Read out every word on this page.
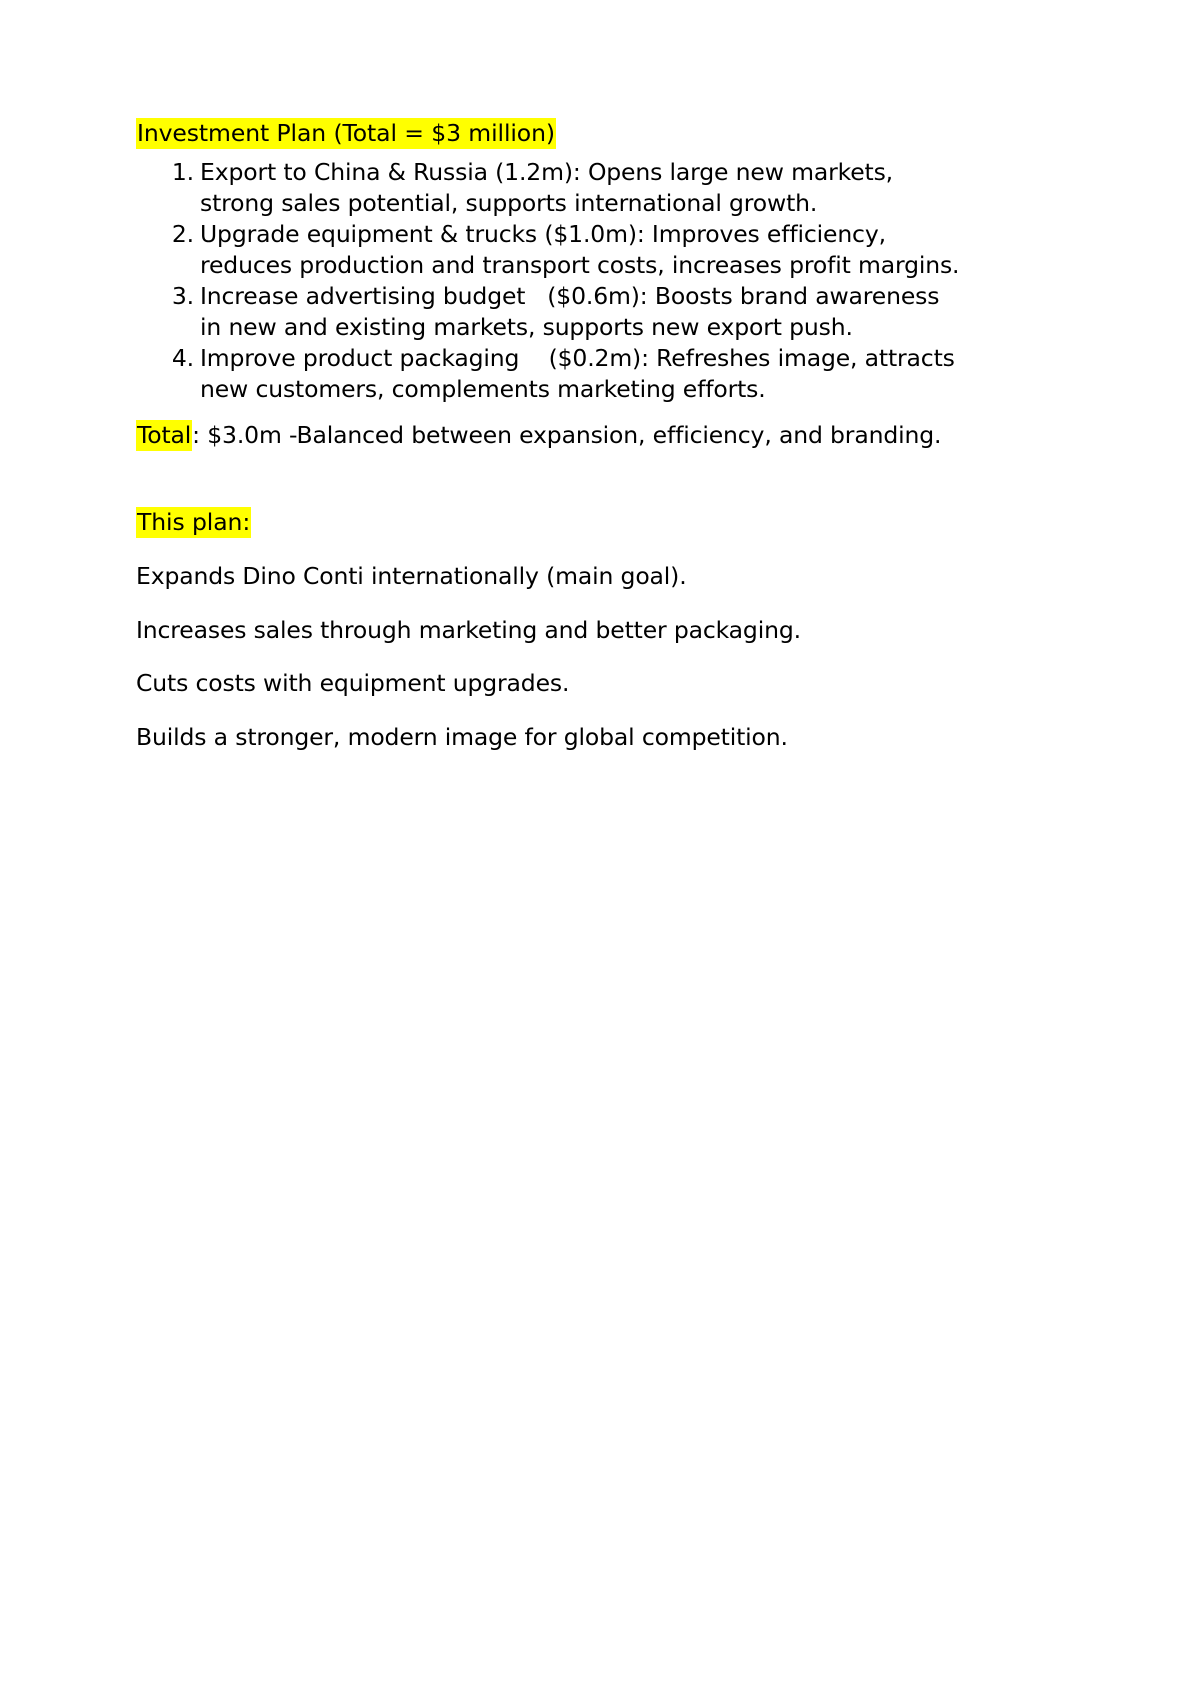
Investment Plan (Total = $3 million)

Export to China & Russia (1.2m): Opens large new markets, strong sales potential, supports international growth.
Upgrade equipment & trucks ($1.0m): Improves efficiency, reduces production and transport costs, increases profit margins.
Increase advertising budget   ($0.6m): Boosts brand awareness in new and existing markets, supports new export push.
Improve product packaging    ($0.2m): Refreshes image, attracts new customers, complements marketing efforts.

Total: $3.0m -Balanced between expansion, efficiency, and branding.

This plan:

Expands Dino Conti internationally (main goal).

Increases sales through marketing and better packaging.

Cuts costs with equipment upgrades.

Builds a stronger, modern image for global competition.
